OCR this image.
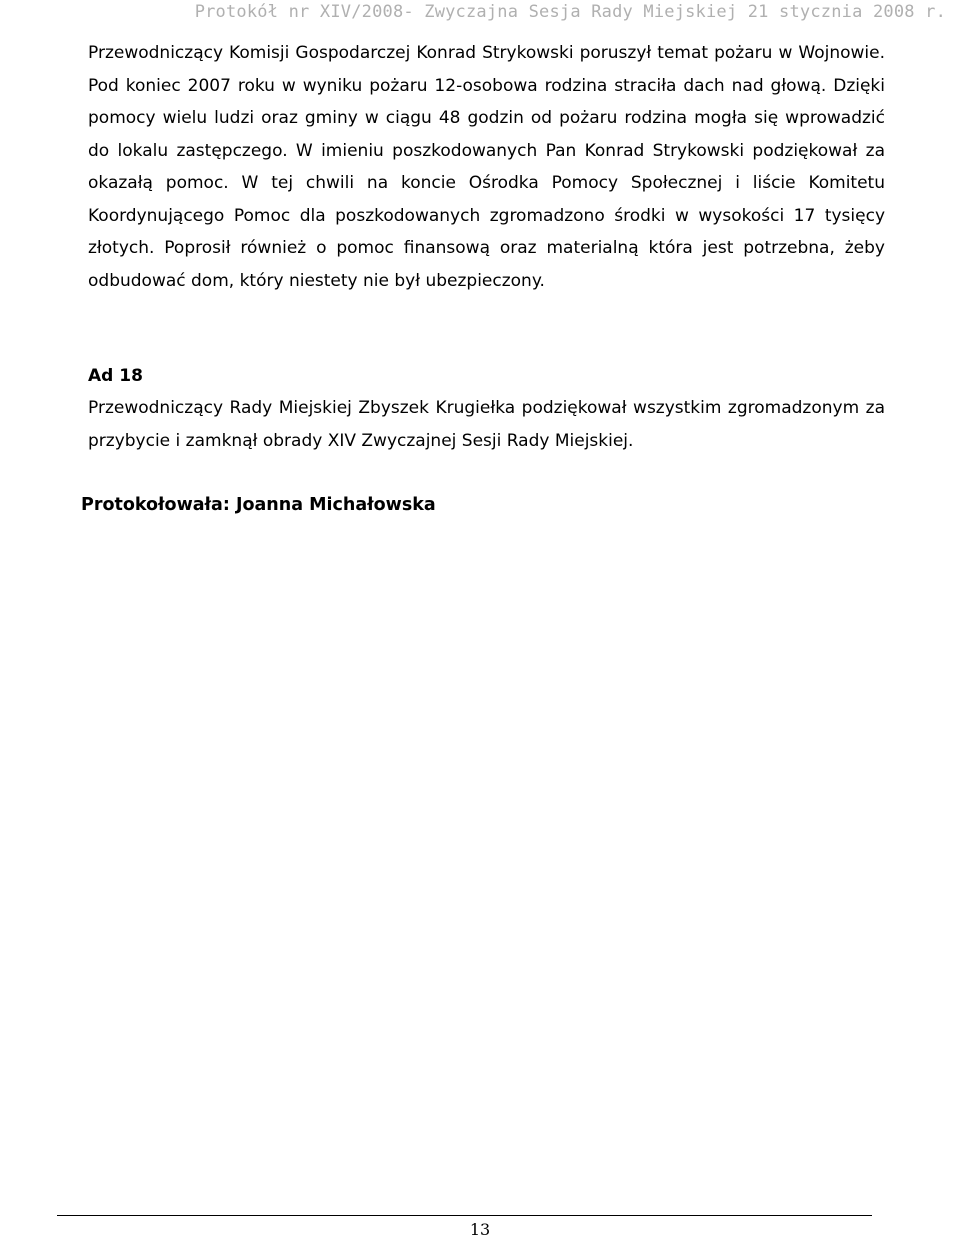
Protokół nr XIV/2008- Zwyczajna Sesja Rady Miejskiej 21 stycznia 2008 r.
Przewodniczący Komisji Gospodarczej Konrad Strykowski poruszył temat pożaru w Wojnowie. Pod koniec 2007 roku w wyniku pożaru 12-osobowa rodzina straciła dach nad głową. Dzięki pomocy wielu ludzi oraz gminy w ciągu 48 godzin od pożaru rodzina mogła się wprowadzić do lokalu zastępczego. W imieniu poszkodowanych Pan Konrad Strykowski podziękował za okazałą pomoc. W tej chwili na koncie Ośrodka Pomocy Społecznej i liście Komitetu Koordynującego Pomoc dla poszkodowanych zgromadzono środki w wysokości 17 tysięcy złotych. Poprosił również o pomoc finansową oraz materialną która jest potrzebna, żeby odbudować dom, który niestety nie był ubezpieczony.
Ad 18
Przewodniczący Rady Miejskiej Zbyszek Krugiełka podziękował wszystkim zgromadzonym za przybycie i zamknął obrady XIV Zwyczajnej Sesji Rady Miejskiej.
Protokołowała: Joanna Michałowska
13
